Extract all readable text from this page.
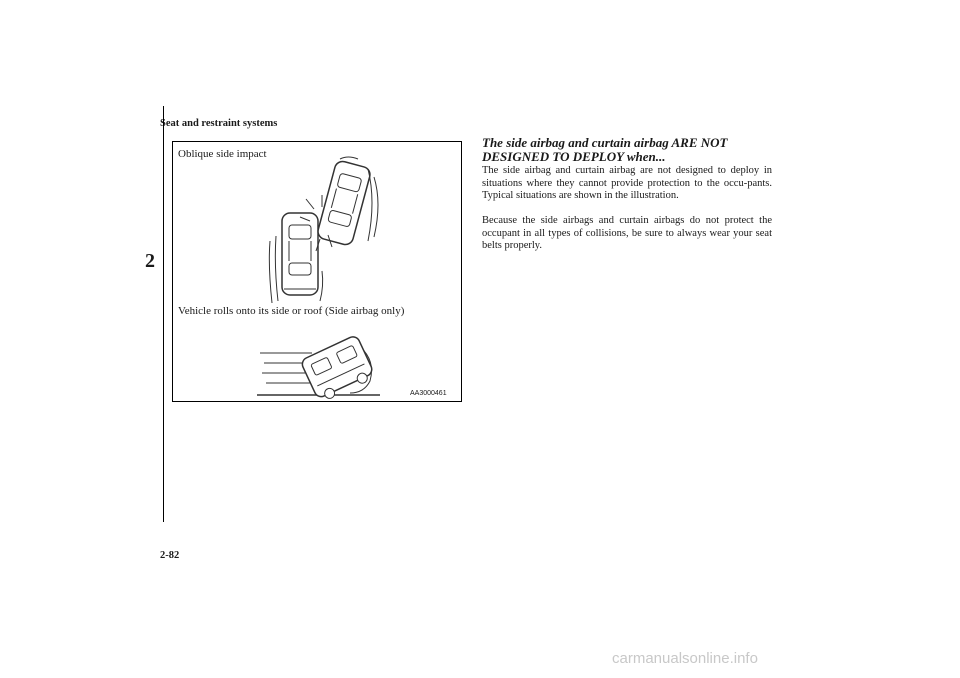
Seat and restraint systems
2
Oblique side impact
Vehicle rolls onto its side or roof (Side airbag only)
AA3000461
The side airbag and curtain airbag ARE NOT DESIGNED TO DEPLOY when...
The side airbag and curtain airbag are not designed to deploy in situations where they cannot provide protection to the occu-pants. Typical situations are shown in the illustration.
Because the side airbags and curtain airbags do not protect the occupant in all types of collisions, be sure to always wear your seat belts properly.
2-82
carmanualsonline.info
